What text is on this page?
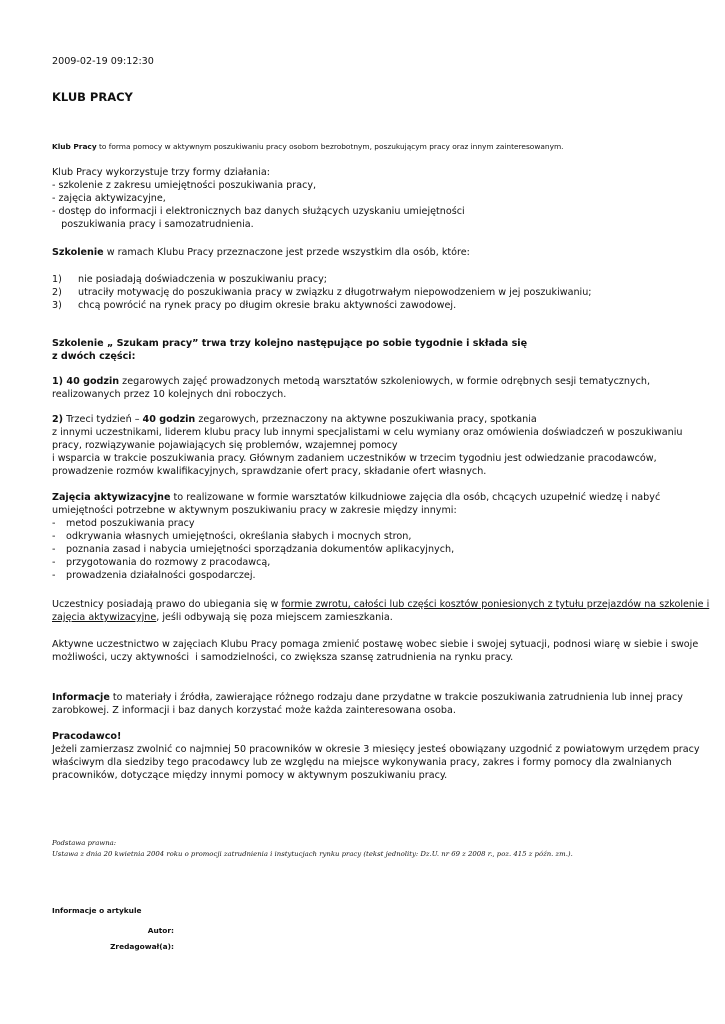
2009-02-19 09:12:30
KLUB PRACY
Klub Pracy to forma pomocy w aktywnym poszukiwaniu pracy osobom bezrobotnym, poszukującym pracy oraz innym zainteresowanym.
Klub Pracy wykorzystuje trzy formy działania:
- szkolenie z zakresu umiejętności poszukiwania pracy,
- zajęcia aktywizacyjne,
- dostęp do informacji i elektronicznych baz danych służących uzyskaniu umiejętności
poszukiwania pracy i samozatrudnienia.
Szkolenie w ramach Klubu Pracy przeznaczone jest przede wszystkim dla osób, które:
1) nie posiadają doświadczenia w poszukiwaniu pracy;
2) utraciły motywację do poszukiwania pracy w związku z długotrwałym niepowodzeniem w jej poszukiwaniu;
3) chcą powrócić na rynek pracy po długim okresie braku aktywności zawodowej.
Szkolenie „ Szukam pracy” trwa trzy kolejno następujące po sobie tygodnie i składa się
z dwóch części:
1) 40 godzin zegarowych zajęć prowadzonych metodą warsztatów szkoleniowych, w formie odrębnych sesji tematycznych,
realizowanych przez 10 kolejnych dni roboczych.
2) Trzeci tydzień – 40 godzin zegarowych, przeznaczony na aktywne poszukiwania pracy, spotkania
z innymi uczestnikami, liderem klubu pracy lub innymi specjalistami w celu wymiany oraz omówienia doświadczeń w poszukiwaniu
pracy, rozwiązywanie pojawiających się problemów, wzajemnej pomocy
i wsparcia w trakcie poszukiwania pracy. Głównym zadaniem uczestników w trzecim tygodniu jest odwiedzanie pracodawców,
prowadzenie rozmów kwalifikacyjnych, sprawdzanie ofert pracy, składanie ofert własnych.
Zajęcia aktywizacyjne to realizowane w formie warsztatów kilkudniowe zajęcia dla osób, chcących uzupełnić wiedzę i nabyć
umiejętności potrzebne w aktywnym poszukiwaniu pracy w zakresie między innymi:
- metod poszukiwania pracy
- odkrywania własnych umiejętności, określania słabych i mocnych stron,
- poznania zasad i nabycia umiejętności sporządzania dokumentów aplikacyjnych,
- przygotowania do rozmowy z pracodawcą,
- prowadzenia działalności gospodarczej.
Uczestnicy posiadają prawo do ubiegania się w formie zwrotu, całości lub części kosztów poniesionych z tytułu przejazdów na szkolenie i
zajęcia aktywizacyjne, jeśli odbywają się poza miejscem zamieszkania.
Aktywne uczestnictwo w zajęciach Klubu Pracy pomaga zmienić postawę wobec siebie i swojej sytuacji, podnosi wiarę w siebie i swoje
możliwości, uczy aktywności  i samodzielności, co zwiększa szansę zatrudnienia na rynku pracy.
Informacje to materiały i źródła, zawierające różnego rodzaju dane przydatne w trakcie poszukiwania zatrudnienia lub innej pracy
zarobkowej. Z informacji i baz danych korzystać może każda zainteresowana osoba.
Pracodawco!
Jeżeli zamierzasz zwolnić co najmniej 50 pracowników w okresie 3 miesięcy jesteś obowiązany uzgodnić z powiatowym urzędem pracy
właściwym dla siedziby tego pracodawcy lub ze względu na miejsce wykonywania pracy, zakres i formy pomocy dla zwalnianych
pracowników, dotyczące między innymi pomocy w aktywnym poszukiwaniu pracy.
Podstawa prawna:
Ustawa z dnia 20 kwietnia 2004 roku o promocji zatrudnienia i instytucjach rynku pracy (tekst jednolity: Dz.U. nr 69 z 2008 r., poz. 415 z późn. zm.).
Informacje o artykule
Autor:
Zredagował(a):
